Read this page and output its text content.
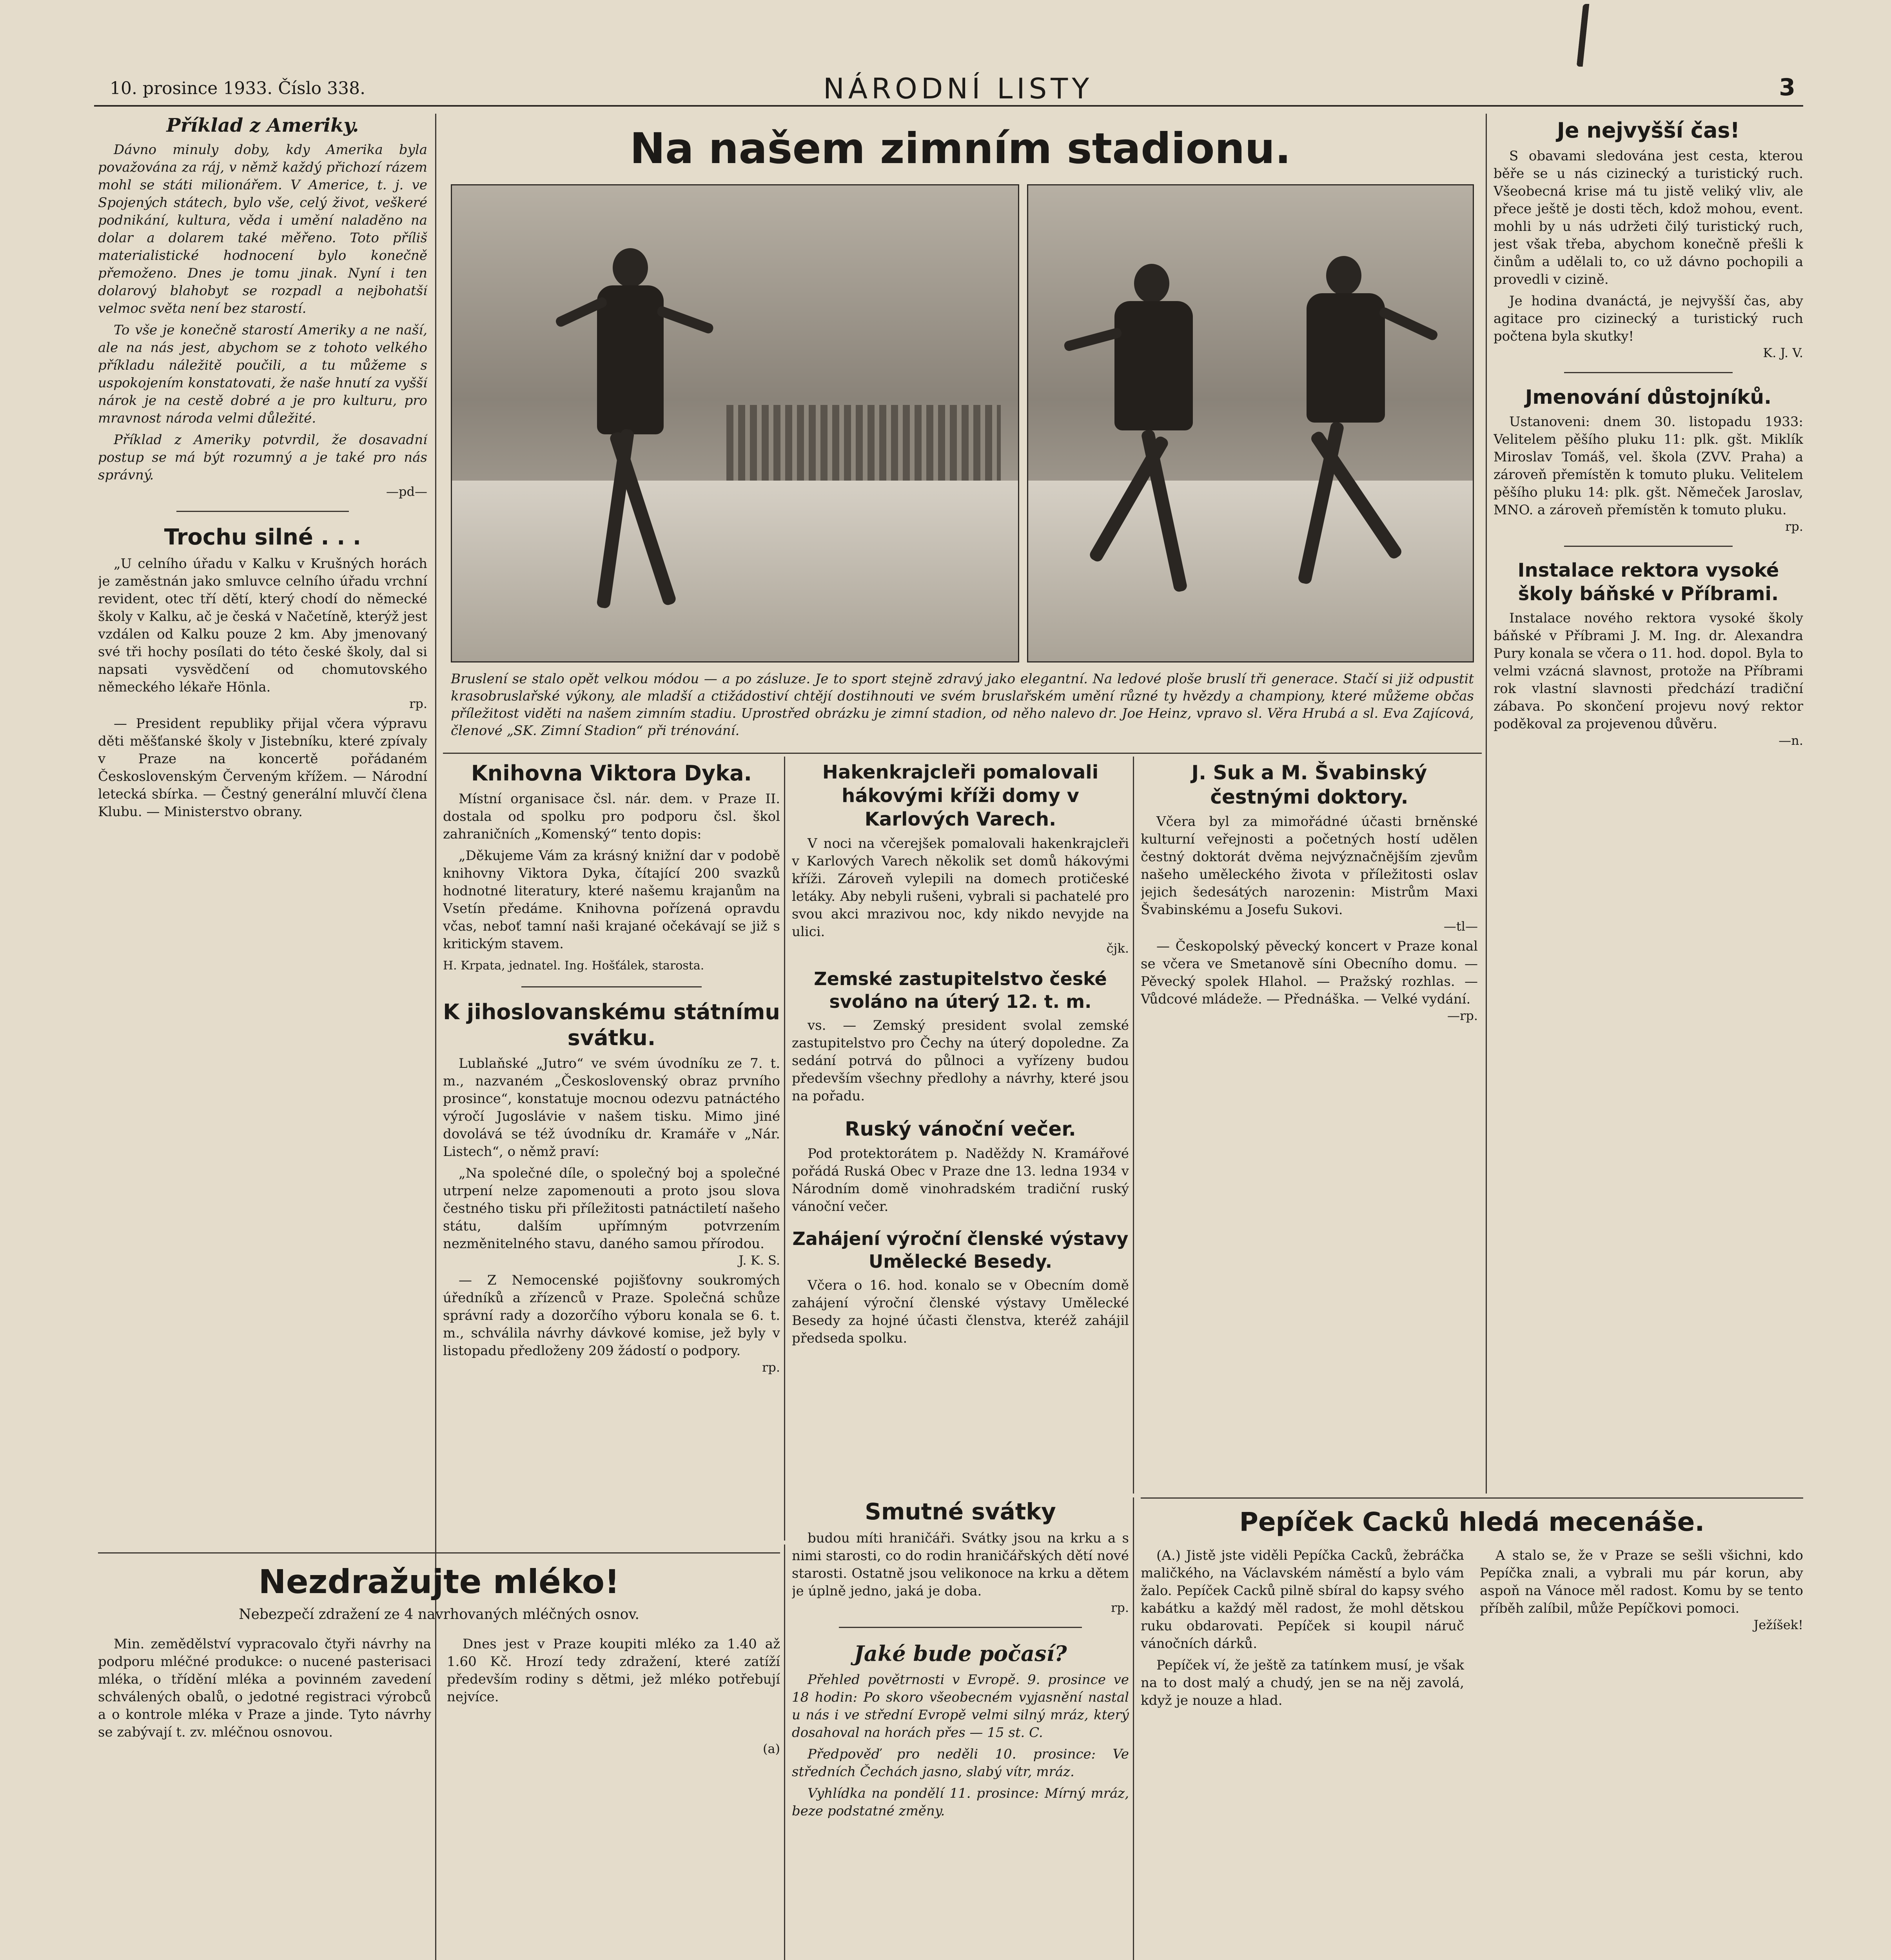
10. prosince 1933. Číslo 338.	NÁRODNÍ LISTY	3
Příklad z Ameriky.
Dávno minuly doby, kdy Amerika byla považována za ráj, v němž každý přichozí rázem mohl se státi milionářem. V Americe, t. j. ve Spojených státech, bylo vše, celý život, veškeré podnikání, kultura, věda i umění naladěno na dolar a dolarem také měřeno. Toto příliš materialistické hodnocení bylo konečně přemoženo. Dnes je tomu jinak. Nyní i ten dolarový blahobyt se rozpadl a nejbohatší velmoc světa není bez starostí.
To vše je konečně starostí Ameriky a ne naší, ale na nás jest, abychom se z tohoto velkého příkladu náležitě poučili, a tu můžeme s uspokojením konstatovati, že naše hnutí za vyšší nárok je na cestě dobré a je pro kulturu, pro mravnost národa velmi důležité.
Příklad z Ameriky potvrdil, že dosavadní postup se má být rozumný a je také pro nás správný.
—pd—
Trochu silné . . .
„U celního úřadu v Kalku v Krušných horách je zaměstnán jako smluvce celního úřadu vrchní revident, otec tří dětí, který chodí do německé školy v Kalku, ač je česká v Načetíně, kterýž jest vzdálen od Kalku pouze 2 km. Aby jmenovaný své tři hochy posílati do této české školy, dal si napsati vysvědčení od chomutovského německého lékaře Hönla.
rp.
— President republiky přijal včera výpravu děti měšťanské školy v Jistebníku, které zpívaly v Praze na koncertě pořádaném Československým Červeným křížem. — Národní letecká sbírka. — Čestný generální mluvčí člena Klubu. — Ministerstvo obrany.
Na našem zimním stadionu.
Bruslení se stalo opět velkou módou — a po zásluze. Je to sport stejně zdravý jako elegantní. Na ledové ploše bruslí tři generace. Stačí si již odpustit krasobruslařské výkony, ale mladší a ctižádostiví chtějí dostihnouti ve svém bruslařském umění různé ty hvězdy a championy, které můžeme občas příležitost viděti na našem zimním stadiu. Uprostřed obrázku je zimní stadion, od něho nalevo dr. Joe Heinz, vpravo sl. Věra Hrubá a sl. Eva Zajícová, členové „SK. Zimní Stadion“ při trénování.
Knihovna Viktora Dyka.
Místní organisace čsl. nár. dem. v Praze II. dostala od spolku pro podporu čsl. škol zahraničních „Komenský“ tento dopis:
„Děkujeme Vám za krásný knižní dar v podobě knihovny Viktora Dyka, čítající 200 svazků hodnotné literatury, které našemu krajanům na Vsetín předáme. Knihovna pořízená opravdu včas, neboť tamní naši krajané očekávají se již s kritickým stavem.
H. Krpata, jednatel. Ing. Hošťálek, starosta.
K jihoslovanskému státnímu svátku.
Lublaňské „Jutro“ ve svém úvodníku ze 7. t. m., nazvaném „Československý obraz prvního prosince“, konstatuje mocnou odezvu patnáctého výročí Jugoslávie v našem tisku. Mimo jiné dovolává se též úvodníku dr. Kramáře v „Nár. Listech“, o němž praví:
„Na společné díle, o společný boj a společné utrpení nelze zapomenouti a proto jsou slova čestného tisku při příležitosti patnáctiletí našeho státu, dalším upřímným potvrzením nezměnitelného stavu, daného samou přírodou.
J. K. S.
— Z Nemocenské pojišťovny soukromých úředníků a zřízenců v Praze. Společná schůze správní rady a dozorčího výboru konala se 6. t. m., schválila návrhy dávkové komise, jež byly v listopadu předloženy 209 žádostí o podpory.
rp.
Hakenkrajcleři pomalovali hákovými kříži domy v Karlových Varech.
V noci na včerejšek pomalovali hakenkrajcleři v Karlových Varech několik set domů hákovými kříži. Zároveň vylepili na domech protičeské letáky. Aby nebyli rušeni, vybrali si pachatelé pro svou akci mrazivou noc, kdy nikdo nevyjde na ulici.
čjk.
Zemské zastupitelstvo české svoláno na úterý 12. t. m.
vs. — Zemský president svolal zemské zastupitelstvo pro Čechy na úterý dopoledne. Za sedání potrvá do půlnoci a vyřízeny budou především všechny předlohy a návrhy, které jsou na pořadu.
Ruský vánoční večer.
Pod protektorátem p. Naděždy N. Kramářové pořádá Ruská Obec v Praze dne 13. ledna 1934 v Národním domě vinohradském tradiční ruský vánoční večer.
Zahájení výroční členské výstavy Umělecké Besedy.
Včera o 16. hod. konalo se v Obecním domě zahájení výroční členské výstavy Umělecké Besedy za hojné účasti členstva, kteréž zahájil předseda spolku.
J. Suk a M. Švabinský čestnými doktory.
Včera byl za mimořádné účasti brněnské kulturní veřejnosti a početných hostí udělen čestný doktorát dvěma nejvýznačnějším zjevům našeho uměleckého života v příležitosti oslav jejich šedesátých narozenin: Mistrům Maxi Švabinskému a Josefu Sukovi.
—tl—
— Českopolský pěvecký koncert v Praze konal se včera ve Smetanově síni Obecního domu. — Pěvecký spolek Hlahol. — Pražský rozhlas. — Vůdcové mládeže. — Přednáška. — Velké vydání.
—rp.
Je nejvyšší čas!
S obavami sledována jest cesta, kterou běře se u nás cizinecký a turistický ruch. Všeobecná krise má tu jistě veliký vliv, ale přece ještě je dosti těch, kdož mohou, event. mohli by u nás udržeti čilý turistický ruch, jest však třeba, abychom konečně přešli k činům a udělali to, co už dávno pochopili a provedli v cizině.
Je hodina dvanáctá, je nejvyšší čas, aby agitace pro cizinecký a turistický ruch počtena byla skutky!
K. J. V.
Jmenování důstojníků.
Ustanoveni: dnem 30. listopadu 1933: Velitelem pěšího pluku 11: plk. gšt. Miklík Miroslav Tomáš, vel. škola (ZVV. Praha) a zároveň přemístěn k tomuto pluku. Velitelem pěšího pluku 14: plk. gšt. Němeček Jaroslav, MNO. a zároveň přemístěn k tomuto pluku.
rp.
Instalace rektora vysoké školy báňské v Příbrami.
Instalace nového rektora vysoké školy báňské v Příbrami J. M. Ing. dr. Alexandra Pury konala se včera o 11. hod. dopol. Byla to velmi vzácná slavnost, protože na Příbrami rok vlastní slavnosti předchází tradiční zábava. Po skončení projevu nový rektor poděkoval za projevenou důvěru.
—n.
Nezdražujte mléko!
Nebezpečí zdražení ze 4 navrhovaných mléčných osnov.
Min. zemědělství vypracovalo čtyři návrhy na podporu mléčné produkce: o nucené pasterisaci mléka, o třídění mléka a povinném zavedení schválených obalů, o jedotné registraci výrobců a o kontrole mléka v Praze a jinde. Tyto návrhy se zabývají t. zv. mléčnou osnovou.
Dnes jest v Praze koupiti mléko za 1.40 až 1.60 Kč. Hrozí tedy zdražení, které zatíží především rodiny s dětmi, jež mléko potřebují nejvíce.
(a)
Smutné svátky
budou míti hraničáři. Svátky jsou na krku a s nimi starosti, co do rodin hraničářských dětí nové starosti. Ostatně jsou velikonoce na krku a dětem je úplně jedno, jaká je doba.
rp.
Jaké bude počasí?
Přehled povětrnosti v Evropě. 9. prosince ve 18 hodin: Po skoro všeobecném vyjasnění nastal u nás i ve střední Evropě velmi silný mráz, který dosahoval na horách přes — 15 st. C.
Předpověď pro neděli 10. prosince: Ve středních Čechách jasno, slabý vítr, mráz.
Vyhlídka na pondělí 11. prosince: Mírný mráz, beze podstatné změny.
Pepíček Cacků hledá mecenáše.
(A.) Jistě jste viděli Pepíčka Cacků, žebráčka maličkého, na Václavském náměstí a bylo vám žalo. Pepíček Cacků pilně sbíral do kapsy svého kabátku a každý měl radost, že mohl dětskou ruku obdarovati. Pepíček si koupil náruč vánočních dárků.
Pepíček ví, že ještě za tatínkem musí, je však na to dost malý a chudý, jen se na něj zavolá, když je nouze a hlad.
A stalo se, že v Praze se sešli všichni, kdo Pepíčka znali, a vybrali mu pár korun, aby aspoň na Vánoce měl radost. Komu by se tento příběh zalíbil, může Pepíčkovi pomoci.
Ježíšek!
